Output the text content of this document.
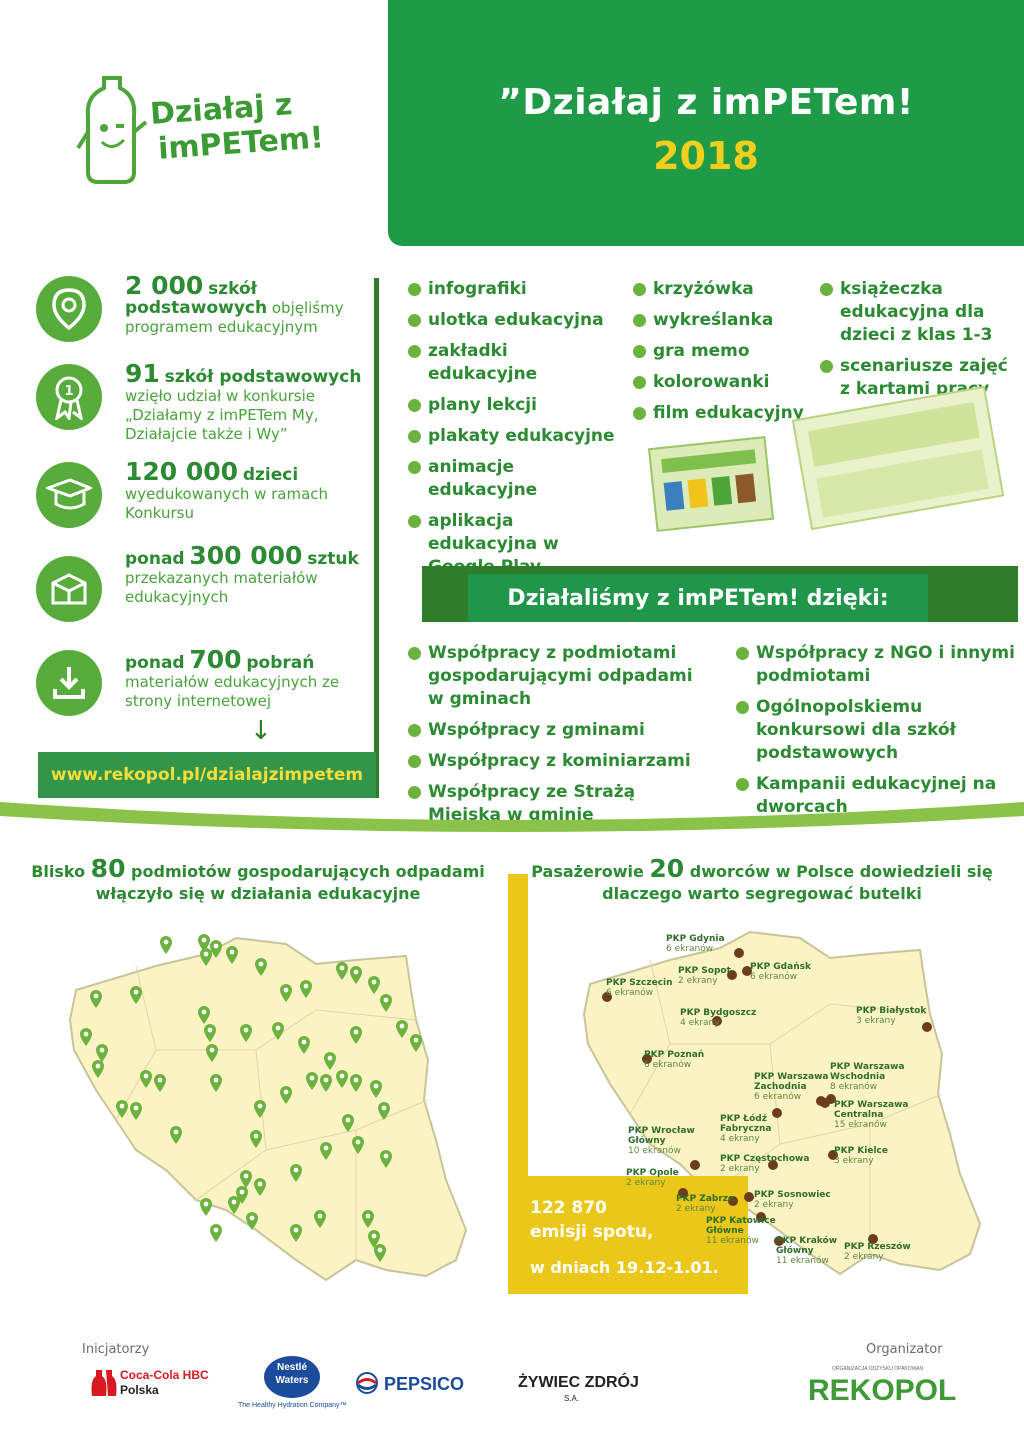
”Działaj z imPETem!
2018
Działaj z
imPETem!
2 000 szkół podstawowych objęliśmy programem edukacyjnym
1
91 szkół podstawowych wzięło udział w konkursie „Działamy z imPETem My, Działajcie także i Wy”
120 000 dzieci wyedukowanych w ramach Konkursu
ponad 300 000 sztuk przekazanych materiałów edukacyjnych
ponad 700 pobrań materiałów edukacyjnych ze strony internetowej
↓
www.rekopol.pl/dzialajzimpetem
infografiki
ulotka edukacyjna
zakładki edukacyjne
plany lekcji
plakaty edukacyjne
animacje edukacyjne
aplikacja edukacyjna w
krzyżówka
wykreślanka
gra memo
kolorowanki
film edukacyjny
książeczka edukacyjna dla dzieci z klas 1-3
scenariusze zajęć z kartami pracy
Działaliśmy z imPETem! dzięki:
Współpracy z podmiotami gospodarującymi odpadami w gminach
Współpracy z gminami
Współpracy z kominiarzami
Współpracy ze Strażą Miejską w gminie
Współpracy z NGO i innymi podmiotami
Ogólnopolskiemu konkursowi dla szkół podstawowych
Kampanii edukacyjnej na dworcach
Blisko 80 podmiotów gospodarujących odpadami
włączyło się w działania edukacyjne
Pasażerowie 20 dworców w Polsce dowiedzieli się
dlaczego warto segregować butelki
122 870
emisji spotu,
w dniach 19.12-1.01.
PKP Gdynia
6 ekranów
PKP Sopot
2 ekrany
PKP Gdańsk
6 ekranów
PKP Szczecin
6 ekranów
PKP Bydgoszcz
4 ekrany
PKP Białystok
3 ekrany
PKP Poznań
6 ekranów
PKP Warszawa Zachodnia
6 ekranów
PKP Warszawa Wschodnia
8 ekranów
PKP Warszawa Centralna
15 ekranów
PKP Łódź Fabryczna
4 ekrany
PKP Wrocław Główny
10 ekranów
PKP Częstochowa
2 ekrany
PKP Kielce
3 ekrany
PKP Opole
2 ekrany
PKP Zabrze
2 ekrany
PKP Sosnowiec
2 ekrany
PKP Katowice Główne
11 ekranów	PKP Kraków Główny
11 ekranów
PKP Rzeszów
2 ekrany
Inicjatorzy	Organizator
Coca-Cola HBC
Polska
Nestlé
Waters
The Healthy Hydration Company™
PEPSICO	ŻYWIEC ZDRÓJ
S.A.
ORGANIZACJA ODZYSKU OPAKOWAŃ
REKOPOL
